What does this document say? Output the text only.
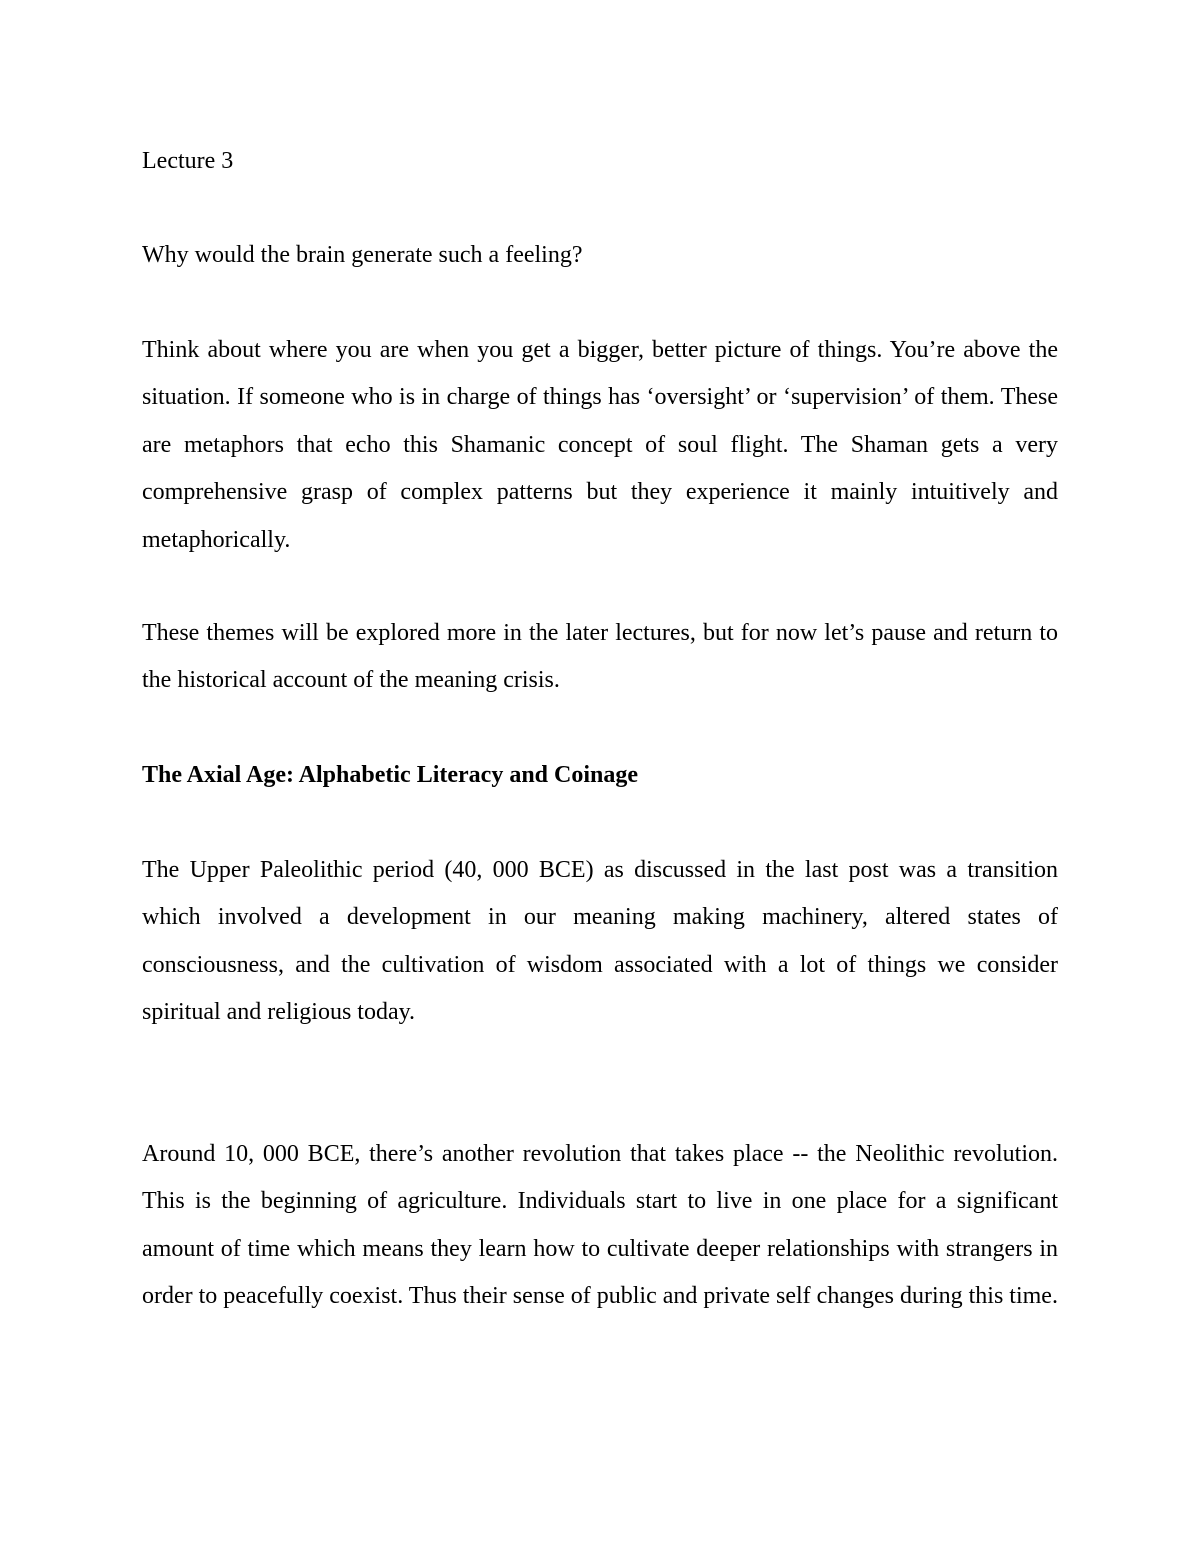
Lecture 3

Why would the brain generate such a feeling?

Think about where you are when you get a bigger, better picture of things. You’re above the situation. If someone who is in charge of things has ‘oversight’ or ‘supervision’ of them. These are metaphors that echo this Shamanic concept of soul flight. The Shaman gets a very comprehensive grasp of complex patterns but they experience it mainly intuitively and metaphorically.

These themes will be explored more in the later lectures, but for now let’s pause and return to the historical account of the meaning crisis.

The Axial Age: Alphabetic Literacy and Coinage

The Upper Paleolithic period (40, 000 BCE) as discussed in the last post was a transition which involved a development in our meaning making machinery, altered states of consciousness, and the cultivation of wisdom associated with a lot of things we consider spiritual and religious today.

Around 10, 000 BCE, there’s another revolution that takes place -- the Neolithic revolution. This is the beginning of agriculture. Individuals start to live in one place for a significant amount of time which means they learn how to cultivate deeper relationships with strangers in order to peacefully coexist. Thus their sense of public and private self changes during this time.
